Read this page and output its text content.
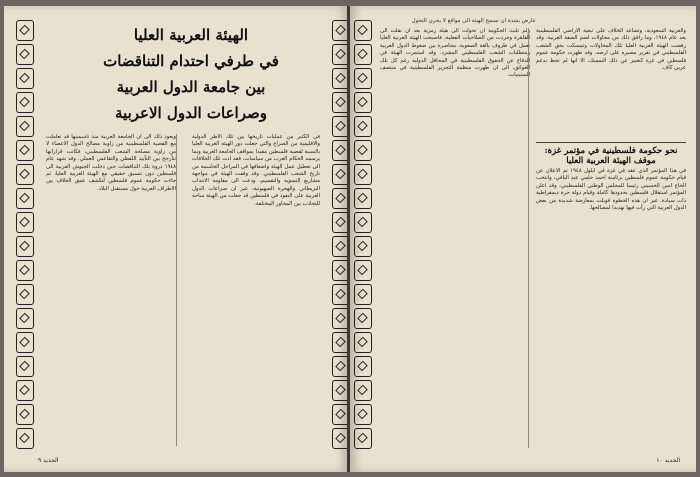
الهيئة العربية العليا
في طرفي احتدام التناقضات
بين جامعة الدول العربية
وصراعات الدول الاعربية

في الكثير من عمليات تاريخها بين تلك الاطر الدولية والاقليمية من الصراع والتي جعلت دور الهيئة العربية العليا بالنسبة لقضية فلسطين مقيدا بمواقف الجامعة العربية وبما يرسمه الحكام العرب من سياسات، فقد ادت تلك الخلافات الى تعطيل عمل الهيئة واضعافها في المراحل الحاسمة من تاريخ الشعب الفلسطيني. وقد وقفت الهيئة في مواجهة مشاريع التسوية والتقسيم، ودعت الى مقاومة الانتداب البريطاني والهجرة الصهيونية، غير ان صراعات الدول العربية على النفوذ في فلسطين قد جعلت من الهيئة ساحة للتجاذب بين المحاور المختلفة.

ويعود ذلك الى ان الجامعة العربية منذ تأسيسها قد تعاملت مع القضية الفلسطينية من زاوية مصالح الدول الاعضاء لا من زاوية مصلحة الشعب الفلسطيني، فكانت قراراتها تتأرجح بين التأييد اللفظي والتقاعس العملي. وقد شهد عام ١٩٤٨ ذروة تلك التناقضات حين دخلت الجيوش العربية الى فلسطين دون تنسيق حقيقي مع الهيئة العربية العليا، ثم جاءت حكومة عموم فلسطين لتكشف عمق الخلاف بين الاطراف العربية حول مستقبل البلاد.

الجديد ٩
عارض بشدة ان تسمح الهيئة الى مواقع لا يجري التحول

والعربية السعودية، وتصاعد الخلاف على تبعية الاراضي الفلسطينية بعد عام ١٩٤٨، وما رافق ذلك من محاولات لضم الضفة الغربية، وقد رفضت الهيئة العربية العليا تلك المحاولات وتمسكت بحق الشعب الفلسطيني في تقرير مصيره على ارضه. وقد ظهرت حكومة عموم فلسطين في غزة كتعبير عن ذلك التمسك، الا انها لم تحظ بدعم عربي كاف.

ولم تلبث الحكومة ان تحولت الى هيئة رمزية بعد ان نقلت الى القاهرة وجردت من الصلاحيات الفعلية، فاصبحت الهيئة العربية العليا تعمل في ظروف بالغة الصعوبة، محاصرة بين ضغوط الدول العربية ومتطلبات الشعب الفلسطيني المشرد. وقد استمرت الهيئة في الدفاع عن الحقوق الفلسطينية في المحافل الدولية رغم كل تلك العوائق، الى ان ظهرت منظمة التحرير الفلسطينية في منتصف الستينيات.

نحو حكومة فلسطينية في مؤتمر غزة: موقف الهيئة العربية العليا

في هذا المؤتمر الذي عقد في غزة في ايلول ١٩٤٨ تم الاعلان عن قيام حكومة عموم فلسطين برئاسة احمد حلمي عبد الباقي، وانتخب الحاج امين الحسيني رئيسا للمجلس الوطني الفلسطيني، وقد اعلن المؤتمر استقلال فلسطين بحدودها كاملة وقيام دولة حرة ديمقراطية ذات سيادة. غير ان هذه الخطوة قوبلت بمعارضة شديدة من بعض الدول العربية التي رأت فيها تهديدا لمصالحها.

الجديد ١٠
